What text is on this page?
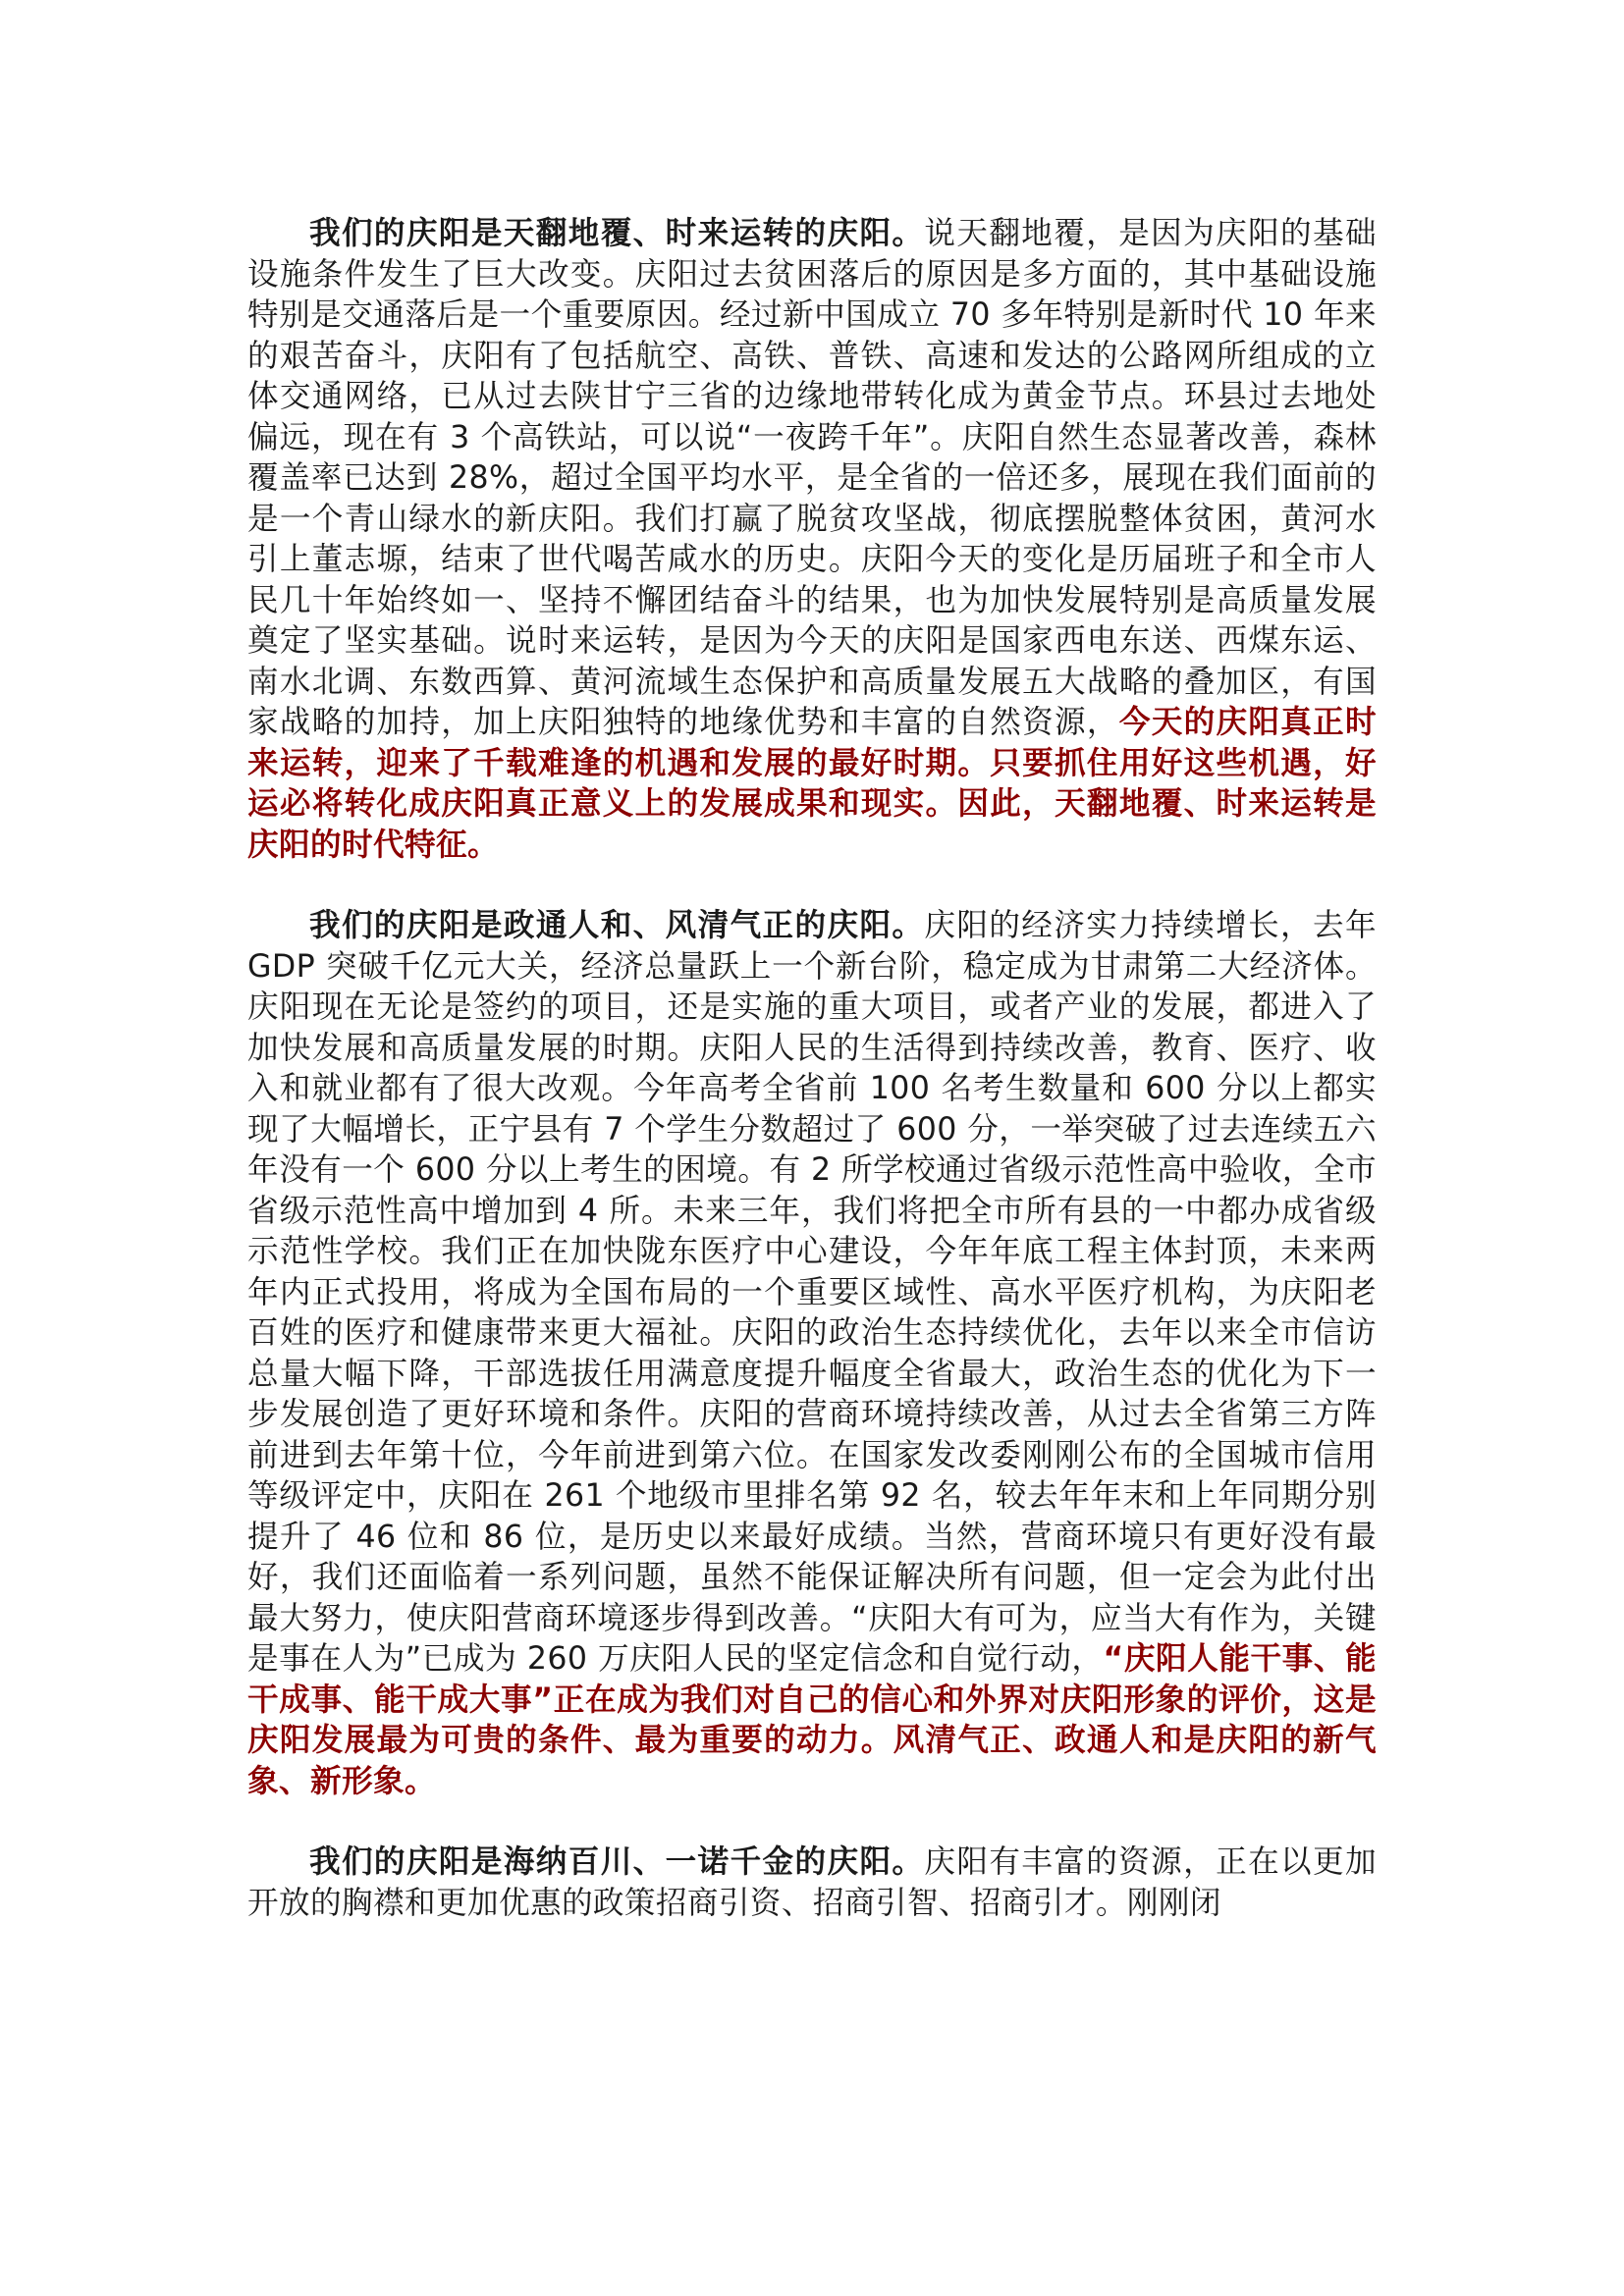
我们的庆阳是天翻地覆、时来运转的庆阳。说天翻地覆，是因为庆阳的基础设施条件发生了巨大改变。庆阳过去贫困落后的原因是多方面的，其中基础设施特别是交通落后是一个重要原因。经过新中国成立 70 多年特别是新时代 10 年来的艰苦奋斗，庆阳有了包括航空、高铁、普铁、高速和发达的公路网所组成的立体交通网络，已从过去陕甘宁三省的边缘地带转化成为黄金节点。环县过去地处偏远，现在有 3 个高铁站，可以说“一夜跨千年”。庆阳自然生态显著改善，森林覆盖率已达到 28%，超过全国平均水平，是全省的一倍还多，展现在我们面前的是一个青山绿水的新庆阳。我们打赢了脱贫攻坚战，彻底摆脱整体贫困，黄河水引上董志塬，结束了世代喝苦咸水的历史。庆阳今天的变化是历届班子和全市人民几十年始终如一、坚持不懈团结奋斗的结果，也为加快发展特别是高质量发展奠定了坚实基础。说时来运转，是因为今天的庆阳是国家西电东送、西煤东运、南水北调、东数西算、黄河流域生态保护和高质量发展五大战略的叠加区，有国家战略的加持，加上庆阳独特的地缘优势和丰富的自然资源，今天的庆阳真正时来运转，迎来了千载难逢的机遇和发展的最好时期。只要抓住用好这些机遇，好运必将转化成庆阳真正意义上的发展成果和现实。因此，天翻地覆、时来运转是庆阳的时代特征。

我们的庆阳是政通人和、风清气正的庆阳。庆阳的经济实力持续增长，去年 GDP 突破千亿元大关，经济总量跃上一个新台阶，稳定成为甘肃第二大经济体。庆阳现在无论是签约的项目，还是实施的重大项目，或者产业的发展，都进入了加快发展和高质量发展的时期。庆阳人民的生活得到持续改善，教育、医疗、收入和就业都有了很大改观。今年高考全省前 100 名考生数量和 600 分以上都实现了大幅增长，正宁县有 7 个学生分数超过了 600 分，一举突破了过去连续五六年没有一个 600 分以上考生的困境。有 2 所学校通过省级示范性高中验收，全市省级示范性高中增加到 4 所。未来三年，我们将把全市所有县的一中都办成省级示范性学校。我们正在加快陇东医疗中心建设，今年年底工程主体封顶，未来两年内正式投用，将成为全国布局的一个重要区域性、高水平医疗机构，为庆阳老百姓的医疗和健康带来更大福祉。庆阳的政治生态持续优化，去年以来全市信访总量大幅下降，干部选拔任用满意度提升幅度全省最大，政治生态的优化为下一步发展创造了更好环境和条件。庆阳的营商环境持续改善，从过去全省第三方阵前进到去年第十位，今年前进到第六位。在国家发改委刚刚公布的全国城市信用等级评定中，庆阳在 261 个地级市里排名第 92 名，较去年年末和上年同期分别提升了 46 位和 86 位，是历史以来最好成绩。当然，营商环境只有更好没有最好，我们还面临着一系列问题，虽然不能保证解决所有问题，但一定会为此付出最大努力，使庆阳营商环境逐步得到改善。“庆阳大有可为，应当大有作为，关键是事在人为”已成为 260 万庆阳人民的坚定信念和自觉行动，“庆阳人能干事、能干成事、能干成大事”正在成为我们对自己的信心和外界对庆阳形象的评价，这是庆阳发展最为可贵的条件、最为重要的动力。风清气正、政通人和是庆阳的新气象、新形象。

我们的庆阳是海纳百川、一诺千金的庆阳。庆阳有丰富的资源，正在以更加开放的胸襟和更加优惠的政策招商引资、招商引智、招商引才。刚刚闭
